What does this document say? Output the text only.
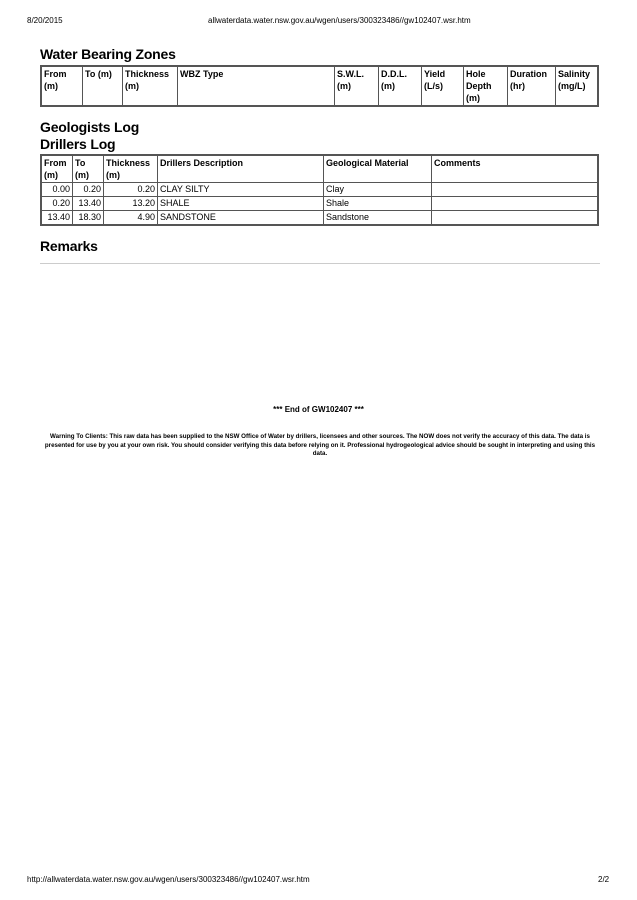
8/20/2015	allwaterdata.water.nsw.gov.au/wgen/users/300323486//gw102407.wsr.htm
Water Bearing Zones
From (m)	To (m)	Thickness (m)	WBZ Type	S.W.L. (m)	D.D.L. (m)	Yield (L/s)	Hole Depth (m)	Duration (hr)	Salinity (mg/L)
Geologists Log
Drillers Log
From (m)	To (m)	Thickness (m)	Drillers Description	Geological Material	Comments
0.00	0.20	0.20	CLAY SILTY	Clay	
0.20	13.40	13.20	SHALE	Shale	
13.40	18.30	4.90	SANDSTONE	Sandstone	
Remarks
*** End of GW102407 ***
Warning To Clients: This raw data has been supplied to the NSW Office of Water by drillers, licensees and other sources. The NOW does not verify the accuracy of this data. The data is presented for use by you at your own risk. You should consider verifying this data before relying on it. Professional hydrogeological advice should be sought in interpreting and using this data.
http://allwaterdata.water.nsw.gov.au/wgen/users/300323486//gw102407.wsr.htm	2/2
